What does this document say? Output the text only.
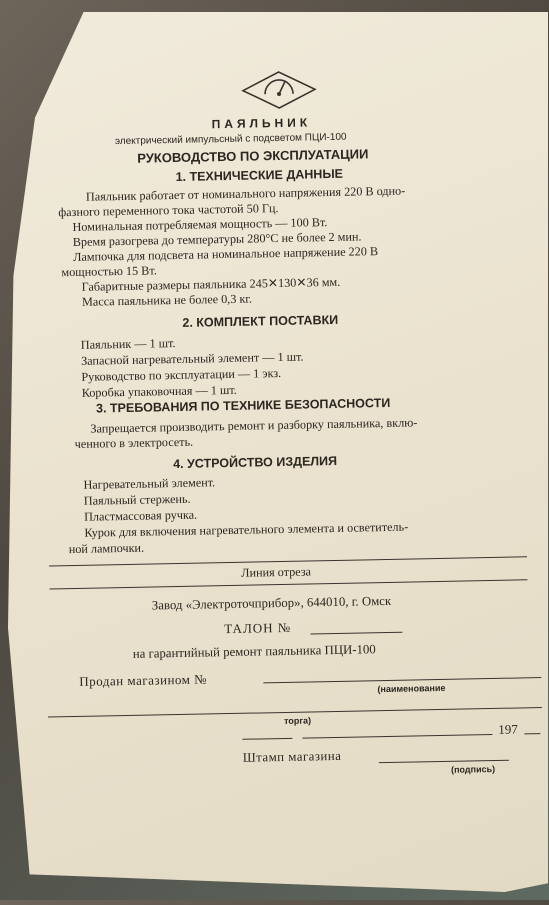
ПАЯЛЬНИК
электрический импульсный с подсветом ПЦИ-100
РУКОВОДСТВО ПО ЭКСПЛУАТАЦИИ
1. ТЕХНИЧЕСКИЕ ДАННЫЕ
Паяльник работает от номинального напряжения 220 В одно-
фазного переменного тока частотой 50 Гц.
Номинальная потребляемая мощность — 100 Вт.
Время разогрева до температуры 280°С не более 2 мин.
Лампочка для подсвета на номинальное напряжение 220 В
мощностью 15 Вт.
Габаритные размеры паяльника 245✕130✕36 мм.
Масса паяльника не более 0,3 кг.
2. КОМПЛЕКТ ПОСТАВКИ
Паяльник — 1 шт.
Запасной нагревательный элемент — 1 шт.
Руководство по эксплуатации — 1 экз.
Коробка упаковочная — 1 шт.
3. ТРЕБОВАНИЯ ПО ТЕХНИКЕ БЕЗОПАСНОСТИ
Запрещается производить ремонт и разборку паяльника, вклю-
ченного в электросеть.
4. УСТРОЙСТВО ИЗДЕЛИЯ
Нагревательный элемент.
Паяльный стержень.
Пластмассовая ручка.
Курок для включения нагревательного элемента и осветитель-
ной лампочки.
Линия отреза
Завод «Электроточприбор», 644010, г. Омск
ТАЛОН №
на гарантийный ремонт паяльника ПЦИ-100
Продан магазином №	(наименование
торга)
197
Штамп магазина
(подпись)
